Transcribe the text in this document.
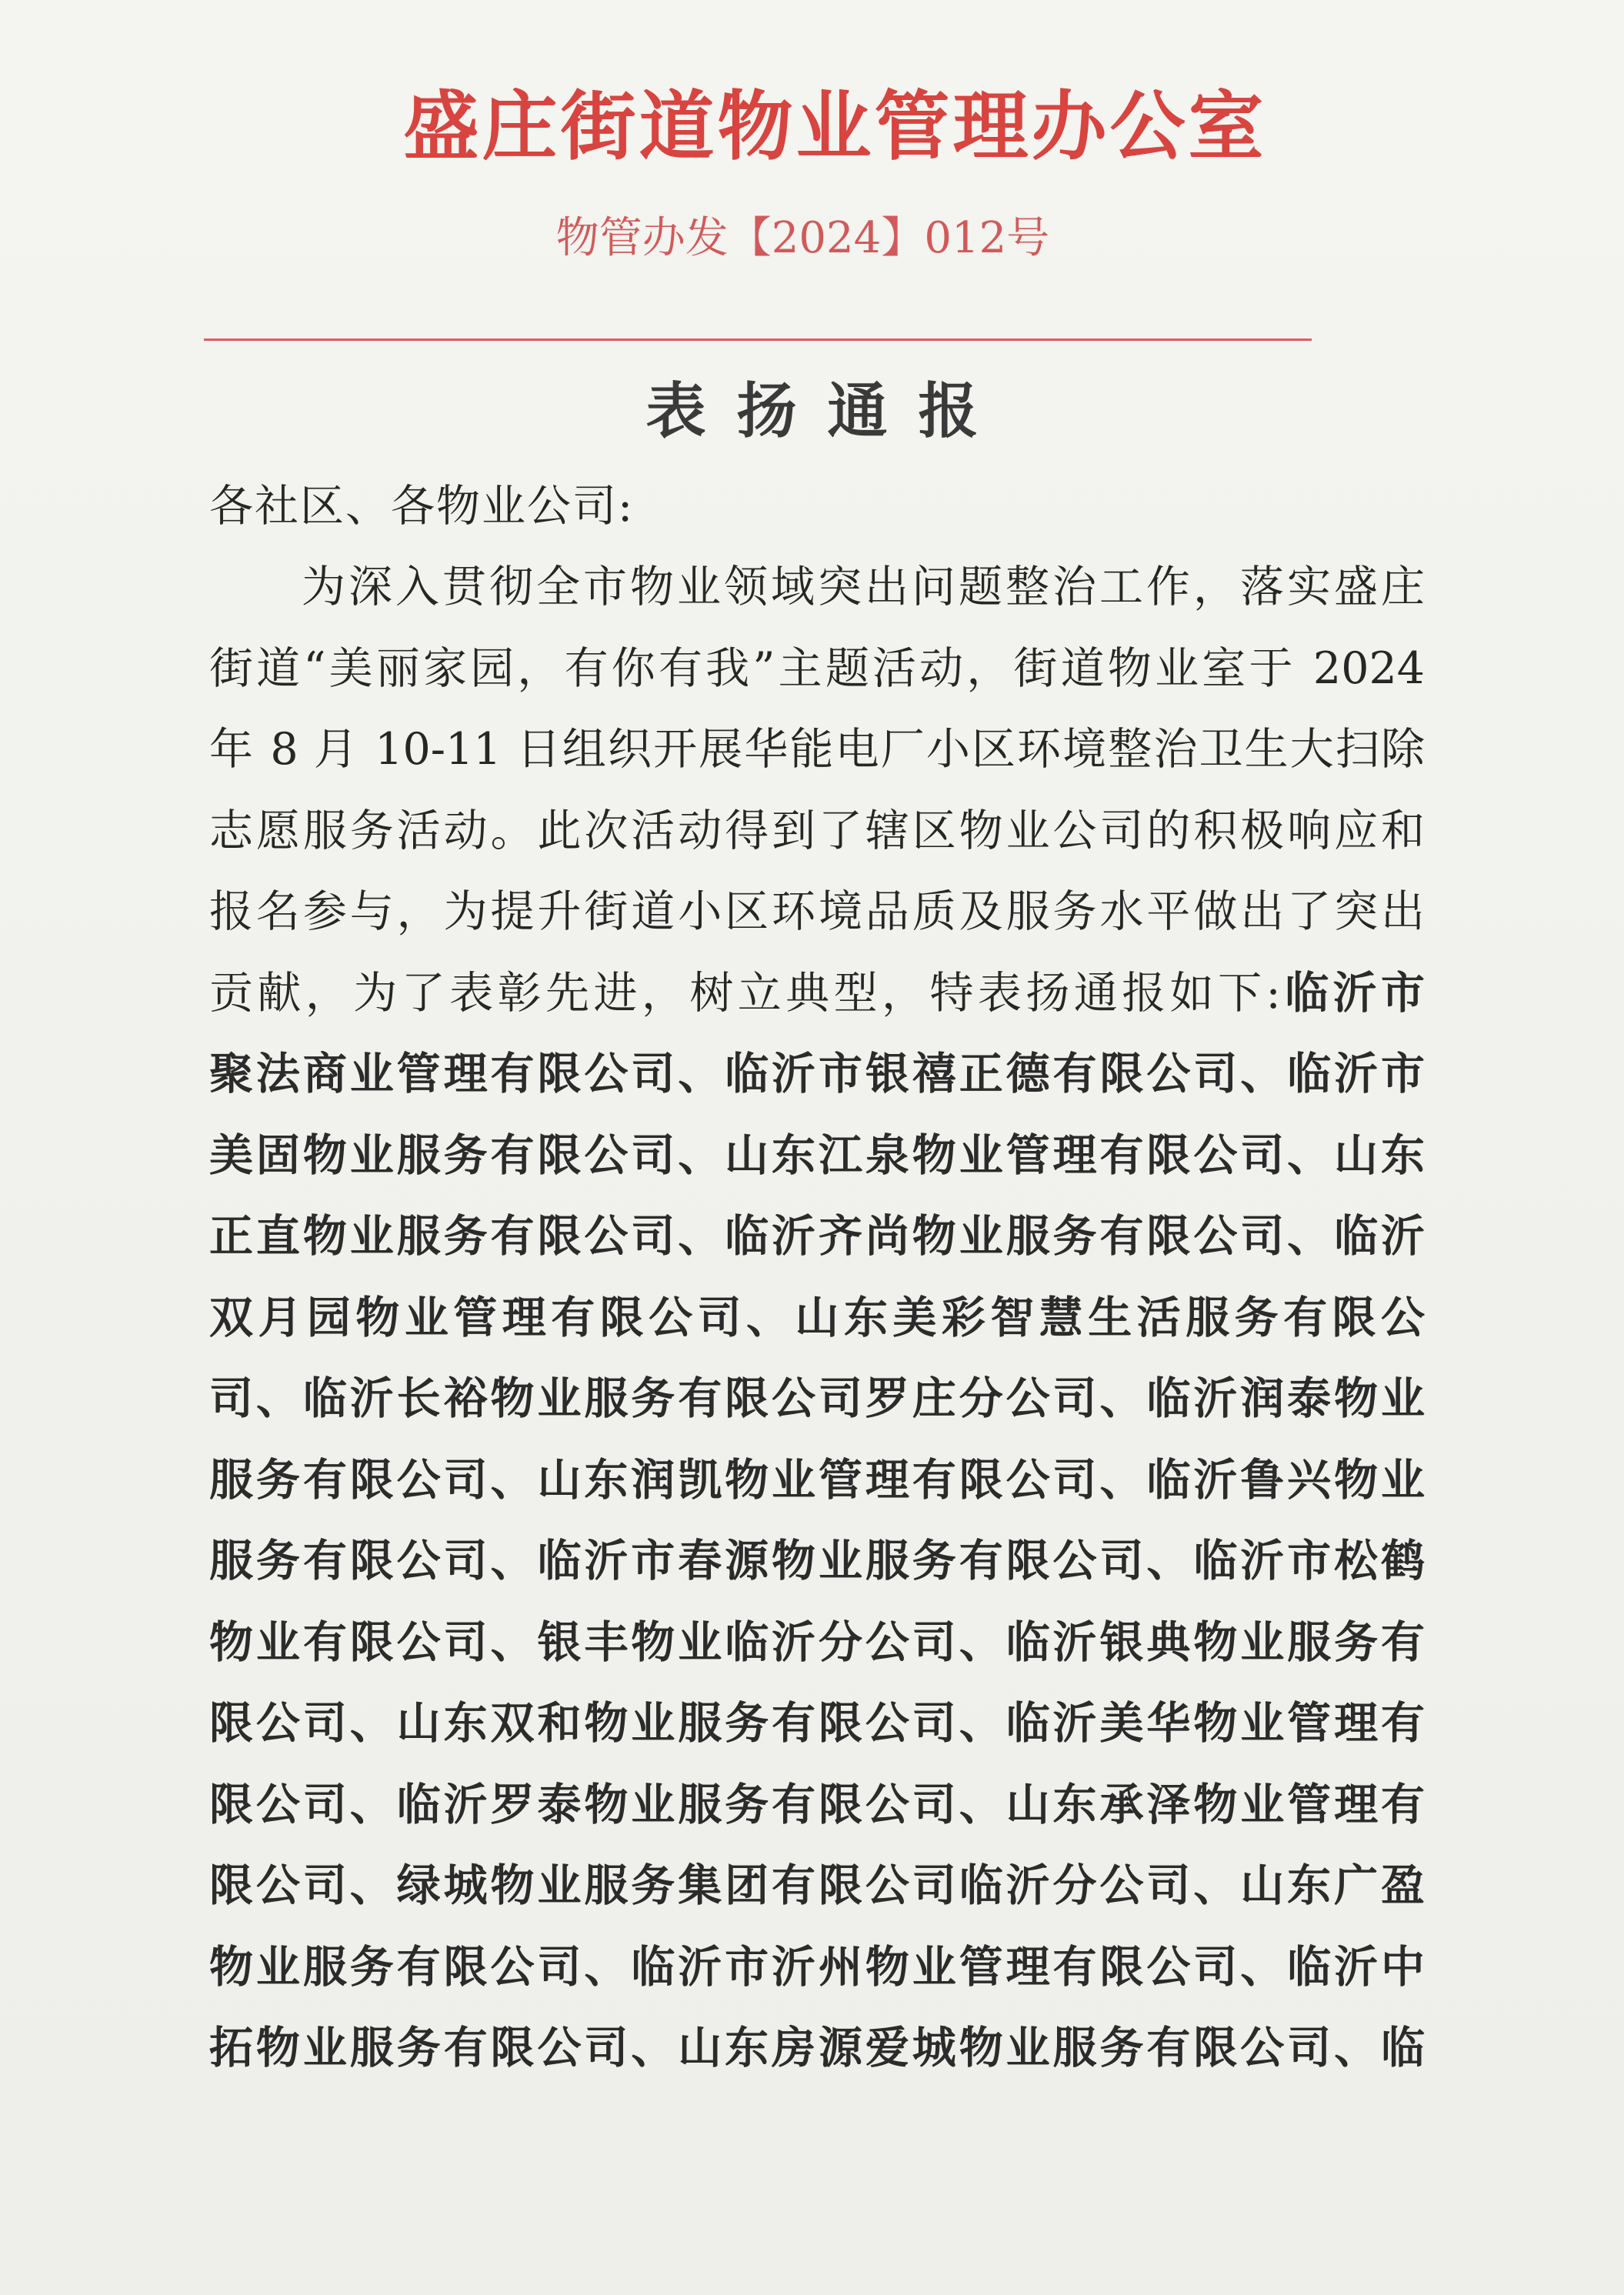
盛庄街道物业管理办公室
物管办发【2024】012号
表扬通报

各社区、各物业公司:

为深入贯彻全市物业领域突出问题整治工作，落实盛庄

街道“美丽家园，有你有我”主题活动，街道物业室于 2024

年 8 月 10-11 日组织开展华能电厂小区环境整治卫生大扫除

志愿服务活动。此次活动得到了辖区物业公司的积极响应和

报名参与，为提升街道小区环境品质及服务水平做出了突出

贡献，为了表彰先进，树立典型，特表扬通报如下:临沂市

聚法商业管理有限公司、临沂市银禧正德有限公司、临沂市

美固物业服务有限公司、山东江泉物业管理有限公司、山东

正直物业服务有限公司、临沂齐尚物业服务有限公司、临沂

双月园物业管理有限公司、山东美彩智慧生活服务有限公

司、临沂长裕物业服务有限公司罗庄分公司、临沂润泰物业

服务有限公司、山东润凯物业管理有限公司、临沂鲁兴物业

服务有限公司、临沂市春源物业服务有限公司、临沂市松鹤

物业有限公司、银丰物业临沂分公司、临沂银典物业服务有

限公司、山东双和物业服务有限公司、临沂美华物业管理有

限公司、临沂罗泰物业服务有限公司、山东承泽物业管理有

限公司、绿城物业服务集团有限公司临沂分公司、山东广盈

物业服务有限公司、临沂市沂州物业管理有限公司、临沂中

拓物业服务有限公司、山东房源爱城物业服务有限公司、临
